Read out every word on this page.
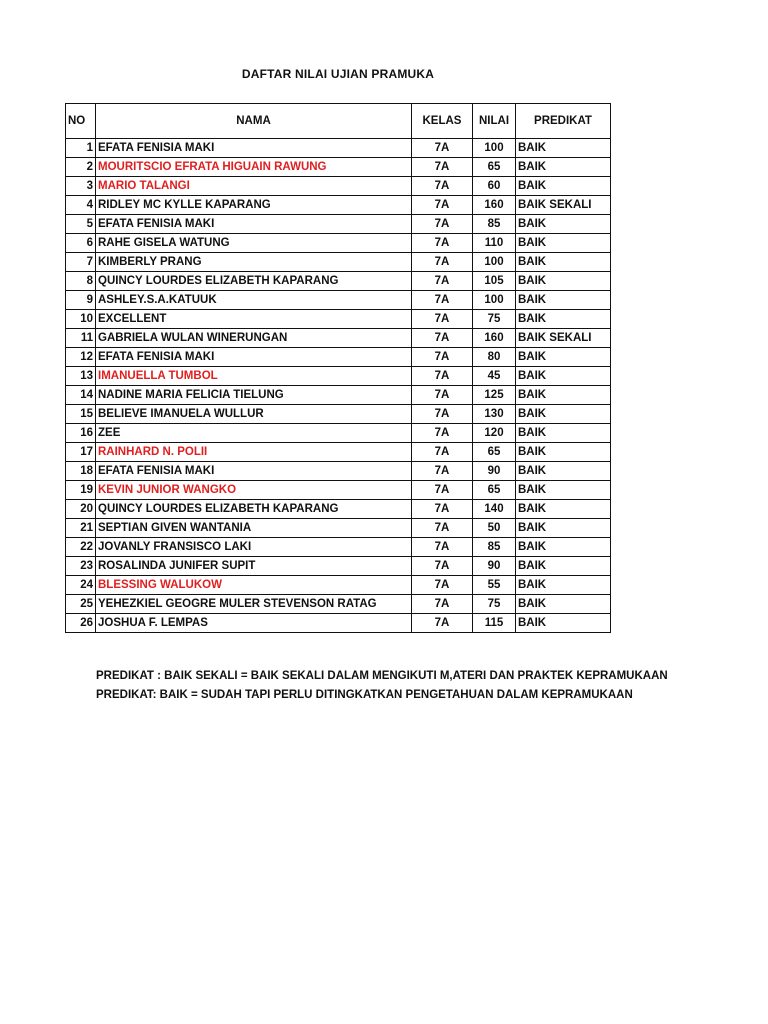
DAFTAR NILAI UJIAN PRAMUKA
NO	NAMA	KELAS	NILAI	PREDIKAT
1	EFATA FENISIA MAKI	7A	100	BAIK
2	MOURITSCIO EFRATA HIGUAIN RAWUNG	7A	65	BAIK
3	MARIO TALANGI	7A	60	BAIK
4	RIDLEY MC KYLLE KAPARANG	7A	160	BAIK SEKALI
5	EFATA FENISIA MAKI	7A	85	BAIK
6	RAHE GISELA WATUNG	7A	110	BAIK
7	KIMBERLY PRANG	7A	100	BAIK
8	QUINCY LOURDES ELIZABETH KAPARANG	7A	105	BAIK
9	ASHLEY.S.A.KATUUK	7A	100	BAIK
10	EXCELLENT	7A	75	BAIK
11	GABRIELA WULAN WINERUNGAN	7A	160	BAIK SEKALI
12	EFATA FENISIA MAKI	7A	80	BAIK
13	IMANUELLA TUMBOL	7A	45	BAIK
14	NADINE MARIA FELICIA TIELUNG	7A	125	BAIK
15	BELIEVE IMANUELA WULLUR	7A	130	BAIK
16	ZEE	7A	120	BAIK
17	RAINHARD N. POLII	7A	65	BAIK
18	EFATA FENISIA MAKI	7A	90	BAIK
19	KEVIN JUNIOR WANGKO	7A	65	BAIK
20	QUINCY LOURDES ELIZABETH KAPARANG	7A	140	BAIK
21	SEPTIAN GIVEN WANTANIA	7A	50	BAIK
22	JOVANLY FRANSISCO LAKI	7A	85	BAIK
23	ROSALINDA JUNIFER SUPIT	7A	90	BAIK
24	BLESSING WALUKOW	7A	55	BAIK
25	YEHEZKIEL GEOGRE MULER STEVENSON RATAG	7A	75	BAIK
26	JOSHUA F. LEMPAS	7A	115	BAIK
PREDIKAT : BAIK SEKALI = BAIK SEKALI DALAM MENGIKUTI M,ATERI DAN PRAKTEK KEPRAMUKAAN
PREDIKAT: BAIK = SUDAH TAPI PERLU DITINGKATKAN PENGETAHUAN DALAM KEPRAMUKAAN
